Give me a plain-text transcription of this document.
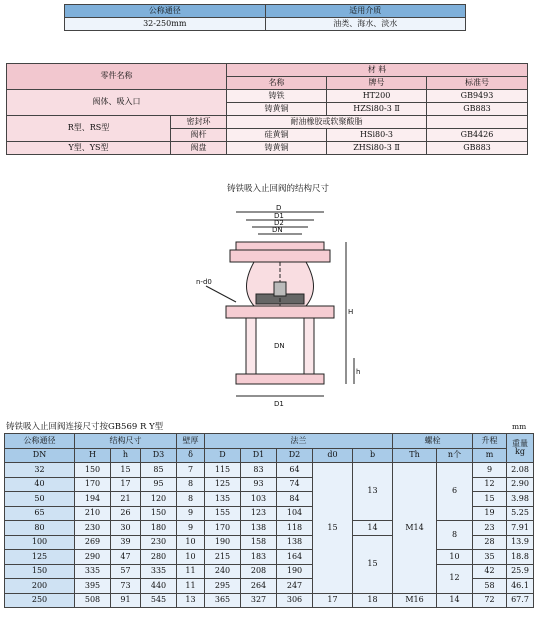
公称通径	适用介质
32-250mm	油类、海水、淡水
零件名称		材 料		
		名称	牌号	标准号
阀体、吸入口		铸铁	HT200	GB9493
		铸黄铜	HZSi80-3 Ⅱ	GB883
R型、RS型	密封环	耐油橡胶或软聚酸脂		
	阀杆	硅黄铜	HSi80-3	GB4426
Y型、YS型	阀盘	铸黄铜	ZHSi80-3 Ⅱ	GB883
铸铁吸入止回阀的结构尺寸
D
D1
D2
DN
n-d0
H
h
DN
D1
铸铁吸入止回阀连接尺寸按GB569 R Y型	mm
公称通径	结构尺寸			壁厚	法兰					螺栓		升程	重量
kg
DN	H	h	D3	δ	D	D1	D2	d0	b	Th	n个	m	
32	150	15	85	7	115	83	64	15	13	M14	6	9	2.08
40	170	17	95	8	125	93	74					12	2.90
50	194	21	120	8	135	103	84					15	3.98
65	210	26	150	9	155	123	104					19	5.25
80	230	30	180	9	170	138	118		14		8	23	7.91
100	269	39	230	10	190	158	138		15			28	13.9
125	290	47	280	10	215	183	164				10	35	18.8
150	335	57	335	11	240	208	190				12	42	25.9
200	395	73	440	11	295	264	247					58	46.1
250	508	91	545	13	365	327	306	17	18	M16	14	72	67.7
